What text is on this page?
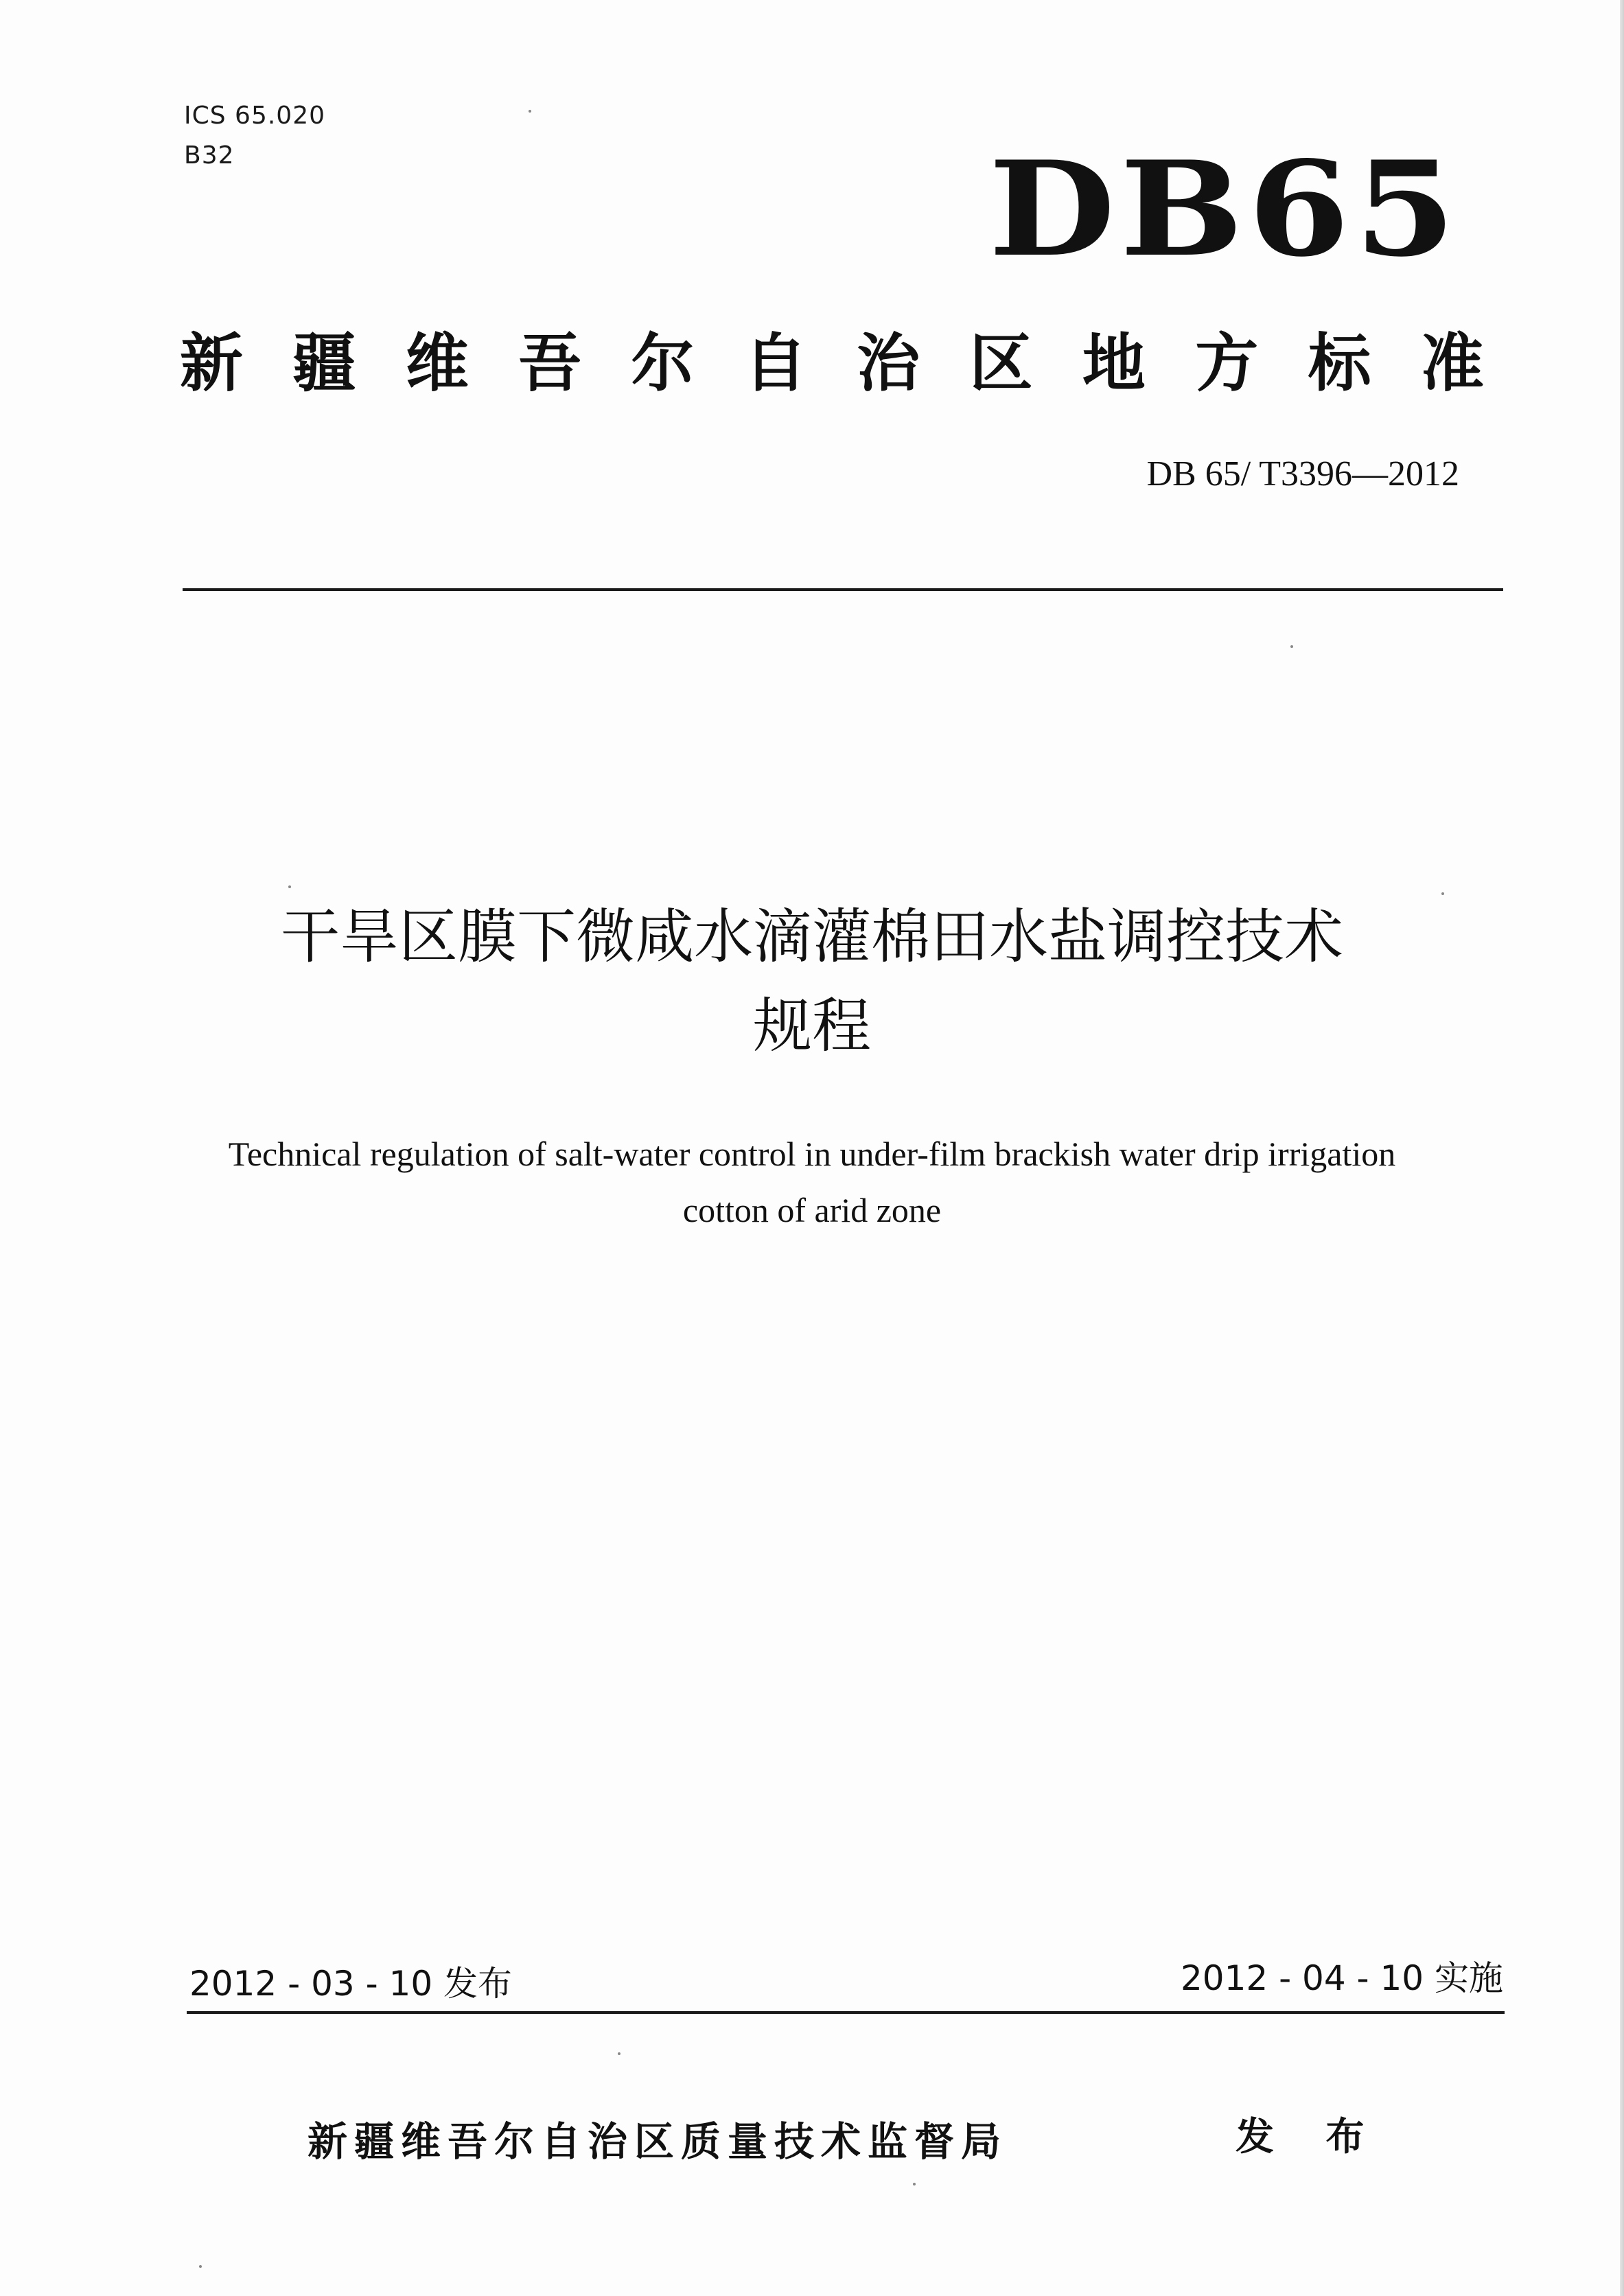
ICS 65.020
B32	DB65
新 疆 维 吾 尔 自 治 区 地 方 标 准
DB 65/ T3396—2012
干旱区膜下微咸水滴灌棉田水盐调控技术
规程
Technical regulation of salt-water control in under-film brackish water drip irrigation
cotton of arid zone
2012 - 03 - 10 发布	2012 - 04 - 10 实施
新疆维吾尔自治区质量技术监督局	发 布
